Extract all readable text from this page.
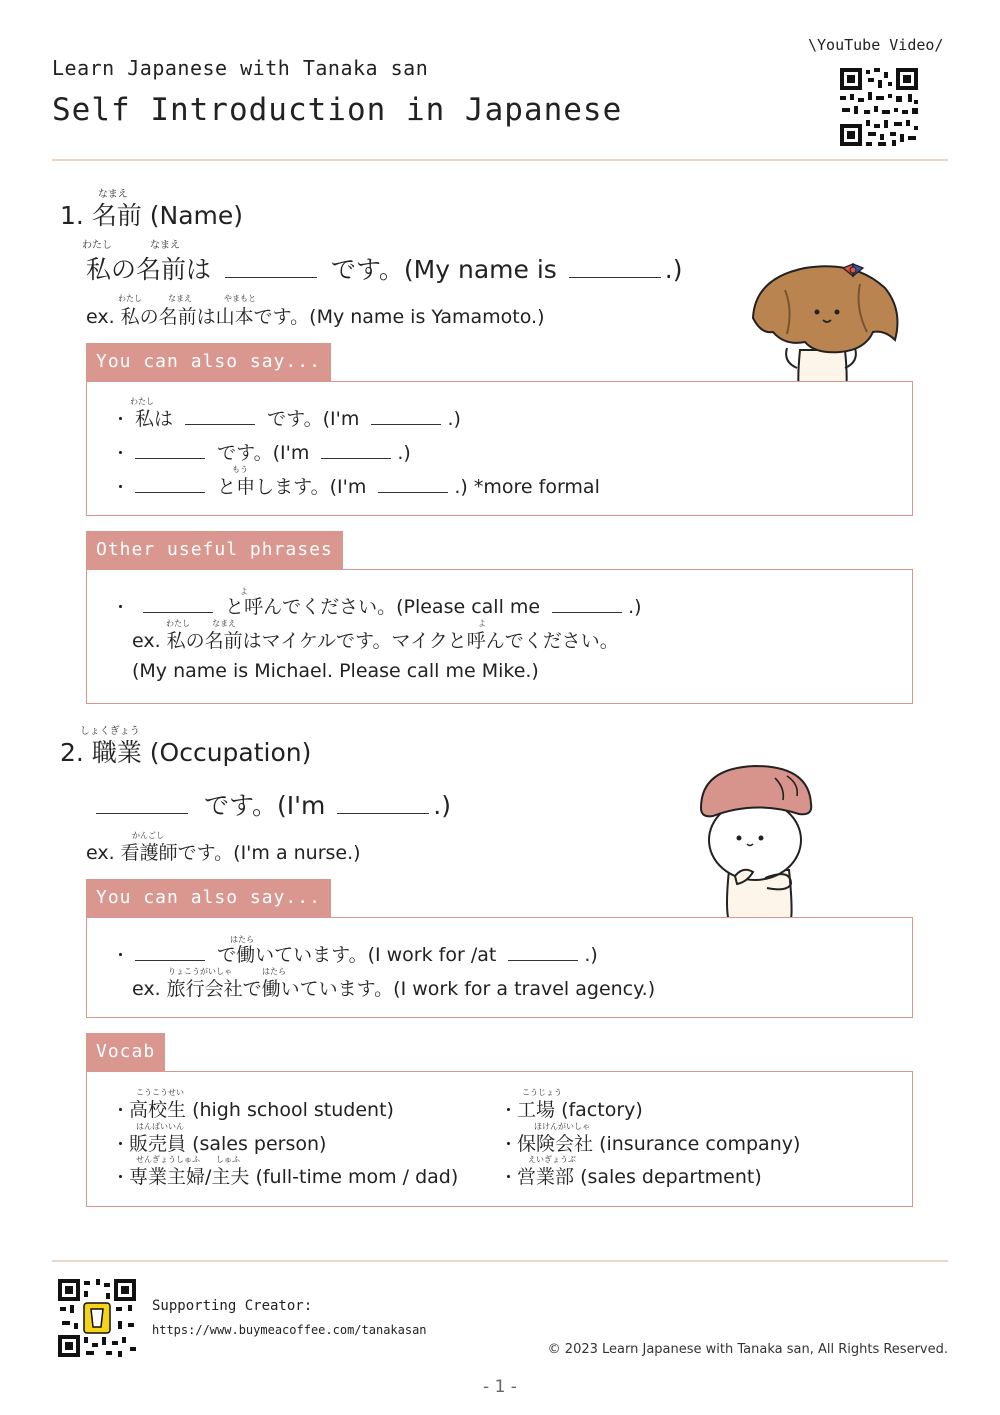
Learn Japanese with Tanaka san
Self Introduction in Japanese
\YouTube Video/
1.
なまえ
名前 (Name)
わたし	なまえ
私の名前は	です。(My name is	.)
わたし	なまえ	やまもと
ex. 私の名前は山本です。(My name is Yamamoto.)
You can also say...
わたし
・ 私は	です。(I'm	.)
・	です。(I'm	.)
もう
・	と申します。(I'm	.) *more formal
Other useful phrases
よ
・	と呼んでください。(Please call me	.)
わたし	なまえ	よ
ex. 私の名前はマイケルです。マイクと呼んでください。
(My name is Michael. Please call me Mike.)
2.
しょくぎょう
職業 (Occupation)
です。(I'm	.)
かんごし
ex. 看護師です。(I'm a nurse.)
You can also say...
はたら
・	で働いています。(I work for /at	.)
りょこうがいしゃ	はたら
ex. 旅行会社で働いています。(I work for a travel agency.)
Vocab
こうこうせい
・高校生 (high school student)
はんばいいん
・販売員 (sales person)
せんぎょうしゅふ　　しゅふ
・専業主婦/主夫 (full-time mom / dad)
こうじょう
・工場 (factory)
ほけんがいしゃ
・保険会社 (insurance company)
えいぎょうぶ
・営業部 (sales department)
Supporting Creator:
https://www.buymeacoffee.com/tanakasan
© 2023 Learn Japanese with Tanaka san, All Rights Reserved.
- 1 -
